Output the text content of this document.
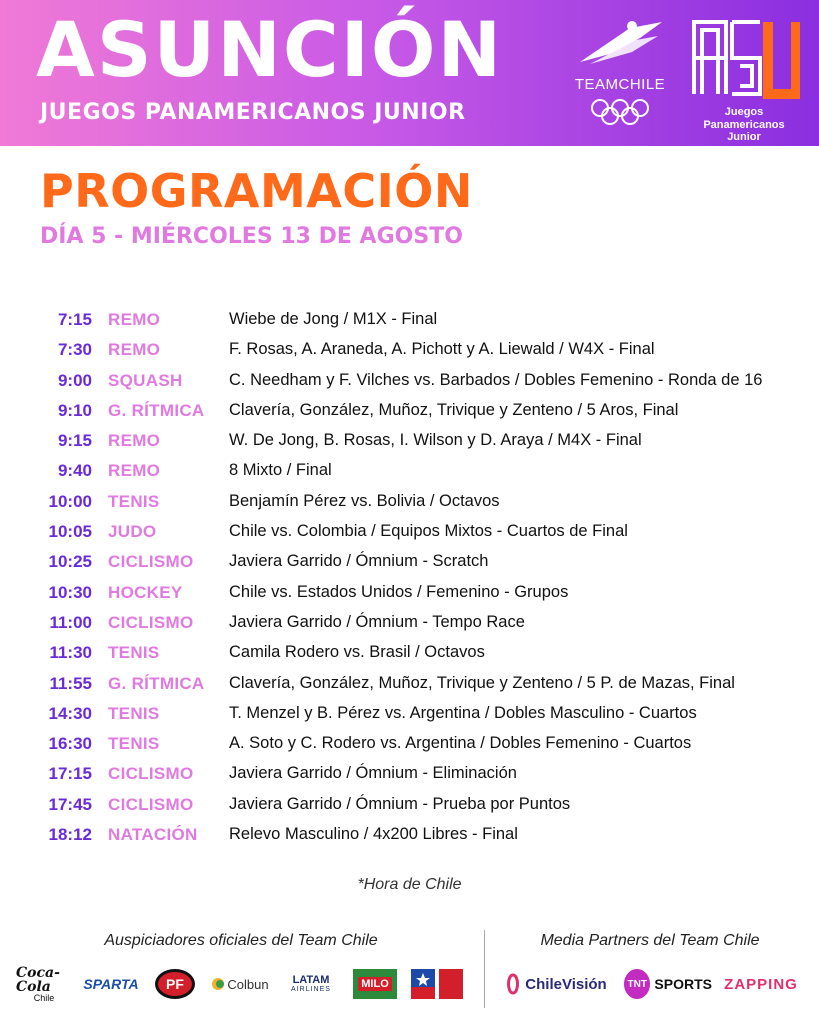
ASUNCIÓN
JUEGOS PANAMERICANOS JUNIOR
TEAMCHILE
Juegos Panamericanos Junior
PROGRAMACIÓN
DÍA 5 - MIÉRCOLES 13 DE AGOSTO
7:15 REMO	Wiebe de Jong / M1X - Final
7:30 REMO	F. Rosas, A. Araneda, A. Pichott y A. Liewald / W4X - Final
9:00 SQUASH	C. Needham y F. Vilches vs. Barbados / Dobles Femenino - Ronda de 16
9:10 G. RÍTMICA Clavería, González, Muñoz, Trivique y Zenteno / 5 Aros, Final
9:15 REMO	W. De Jong, B. Rosas, I. Wilson y D. Araya / M4X - Final
9:40 REMO	8 Mixto / Final
10:00 TENIS	Benjamín Pérez vs. Bolivia / Octavos
10:05 JUDO	Chile vs. Colombia / Equipos Mixtos - Cuartos de Final
10:25 CICLISMO Javiera Garrido / Ómnium - Scratch
10:30 HOCKEY	Chile vs. Estados Unidos / Femenino - Grupos
11:00 CICLISMO Javiera Garrido / Ómnium - Tempo Race
11:30 TENIS	Camila Rodero vs. Brasil / Octavos
11:55 G. RÍTMICA Clavería, González, Muñoz, Trivique y Zenteno / 5 P. de Mazas, Final
14:30 TENIS	T. Menzel y B. Pérez vs. Argentina / Dobles Masculino - Cuartos
16:30 TENIS	A. Soto y C. Rodero vs. Argentina / Dobles Femenino - Cuartos
17:15 CICLISMO Javiera Garrido / Ómnium - Eliminación
17:45 CICLISMO Javiera Garrido / Ómnium - Prueba por Puntos
18:12 NATACIÓN Relevo Masculino / 4x200 Libres - Final
*Hora de Chile
Auspiciadores oficiales del Team Chile	Media Partners del Team Chile
Coca-Cola
Chile
SPARTA PF	Colbun LATAM
AIRLINES	MILO	ChileVisión TNT SPORTS ZAPPING
